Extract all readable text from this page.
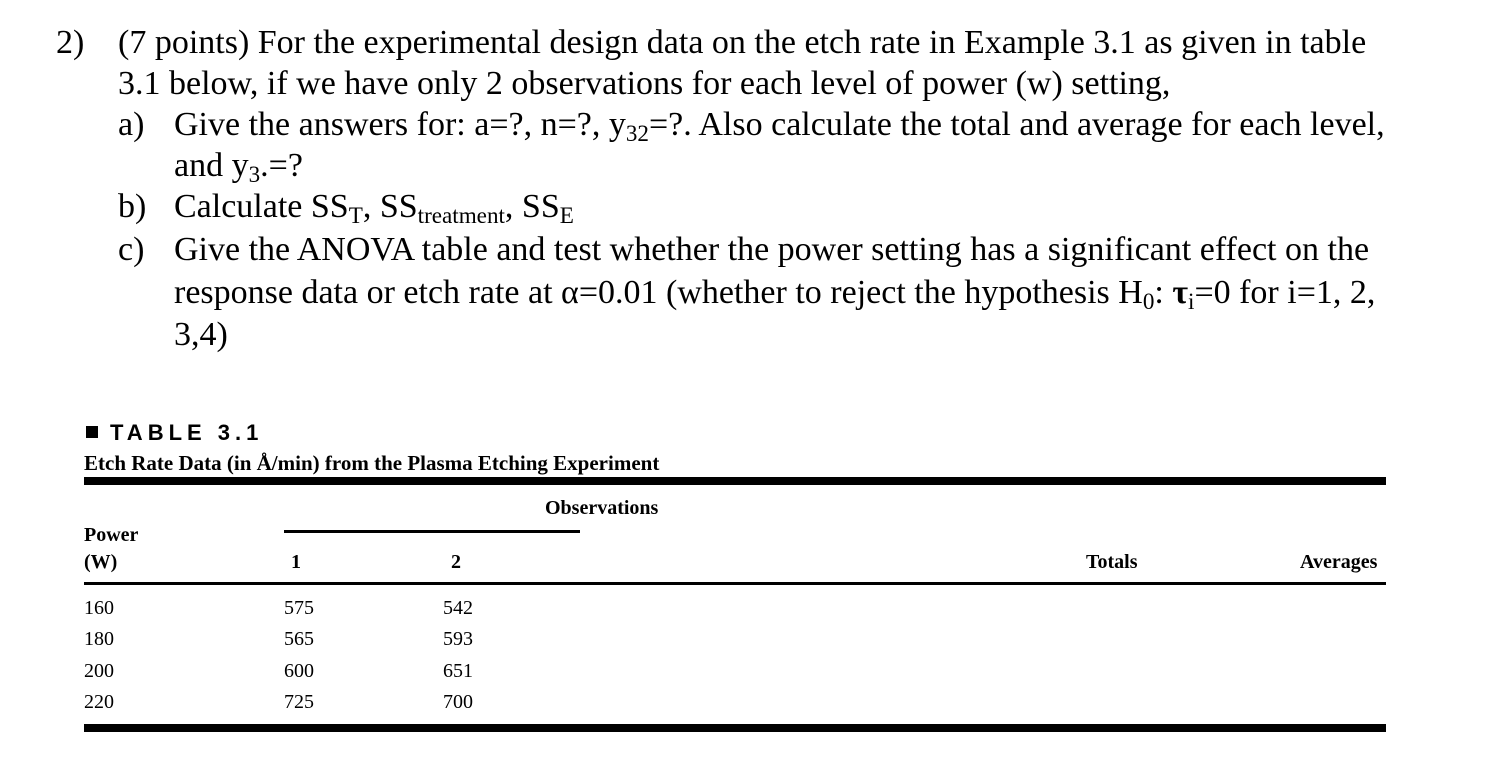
2) (7 points) For the experimental design data on the etch rate in Example 3.1 as given in table
3.1 below, if we have only 2 observations for each level of power (w) setting,
a) Give the answers for: a=?, n=?, $y_{32}=$?. Also calculate the total and average for each level,
and $y_3.=$?
b) Calculate $SS_T$, $SS_{treatment}$, $SS_E$
c) Give the ANOVA table and test whether the power setting has a significant effect on the
response data or etch rate at α=0.01 (whether to reject the hypothesis $H_0$: $\tau_i=0$ for i=1, 2,
3,4)
TABLE 3.1
Etch Rate Data (in Å/min) from the Plasma Etching Experiment
Observations
Power
(W)	1	2	Totals	Averages
160	575	542
180	565	593
200	600	651
220	725	700
